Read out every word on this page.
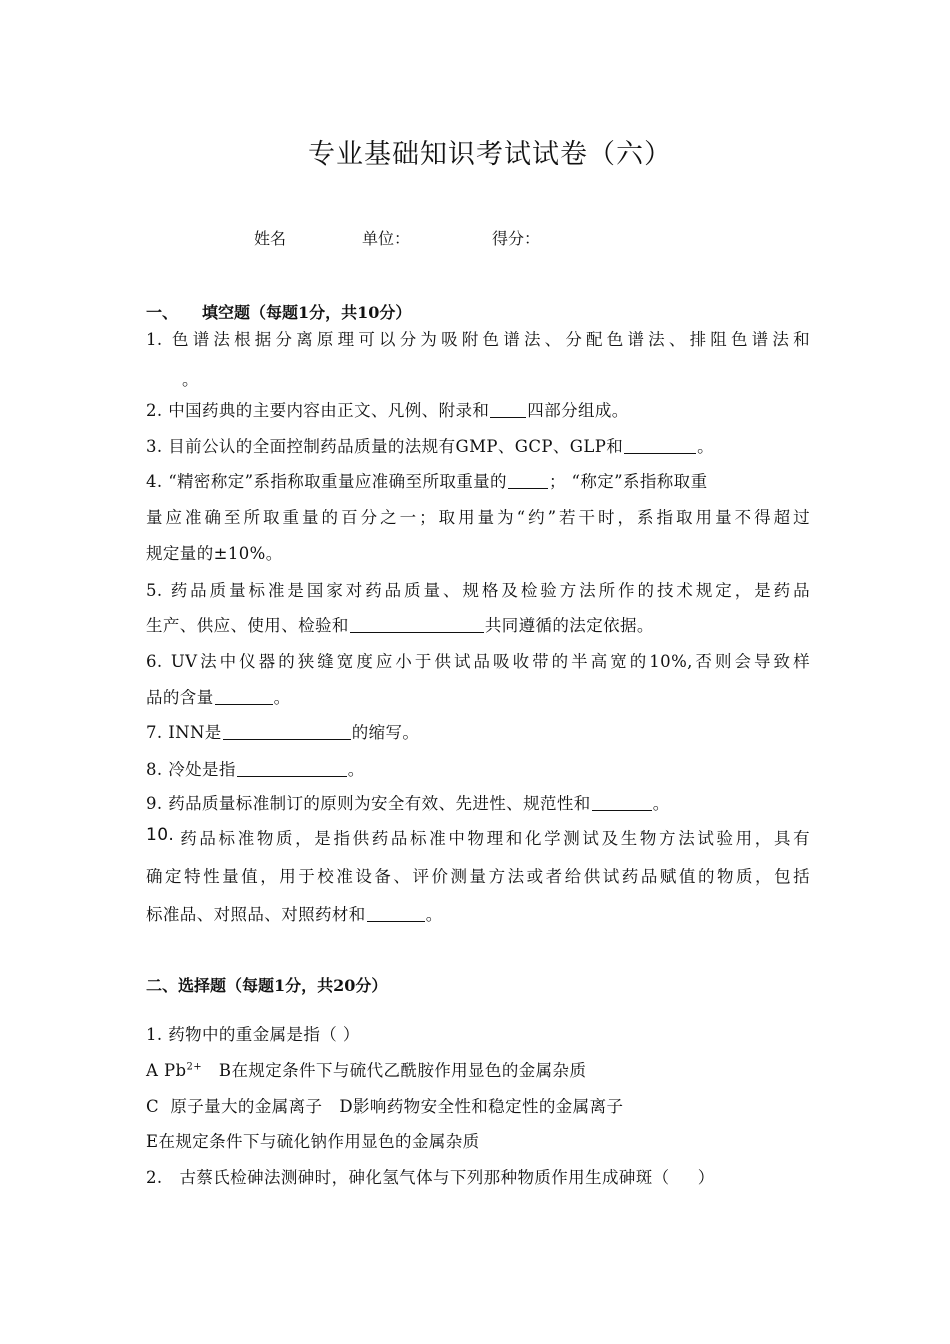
专业基础知识考试试卷（六）
姓名	单位：	得分：
一、　　填空题（每题1分，共10分）
1. 色谱法根据分离原理可以分为吸附色谱法、分配色谱法、排阻色谱法和
。
2. 中国药典的主要内容由正文、凡例、附录和 四部分组成。
3. 目前公认的全面控制药品质量的法规有GMP、GCP、GLP和	。
4. “精密称定”系指称取重量应准确至所取重量的	； “称定”系指称取重
量应准确至所取重量的百分之一；取用量为“约”若干时，系指取用量不得超过
规定量的±10%。
5. 药品质量标准是国家对药品质量、规格及检验方法所作的技术规定，是药品
生产、供应、使用、检验和	共同遵循的法定依据。
6. UV法中仪器的狭缝宽度应小于供试品吸收带的半高宽的10%,否则会导致样
品的含量	。
7. INN是	的缩写。
8. 冷处是指	。
9. 药品质量标准制订的原则为安全有效、先进性、规范性和	。
10. 药品标准物质，是指供药品标准中物理和化学测试及生物方法试验用，具有
确定特性量值，用于校准设备、评价测量方法或者给供试药品赋值的物质，包括
标准品、对照品、对照药材和	。
二、选择题（每题1分，共20分）
1. 药物中的重金属是指（ ）
A $Pb^{2+}$   B在规定条件下与硫代乙酰胺作用显色的金属杂质
C  原子量大的金属离子   D影响药物安全性和稳定性的金属离子
E在规定条件下与硫化钠作用显色的金属杂质
2.   古蔡氏检砷法测砷时，砷化氢气体与下列那种物质作用生成砷斑（     ）
